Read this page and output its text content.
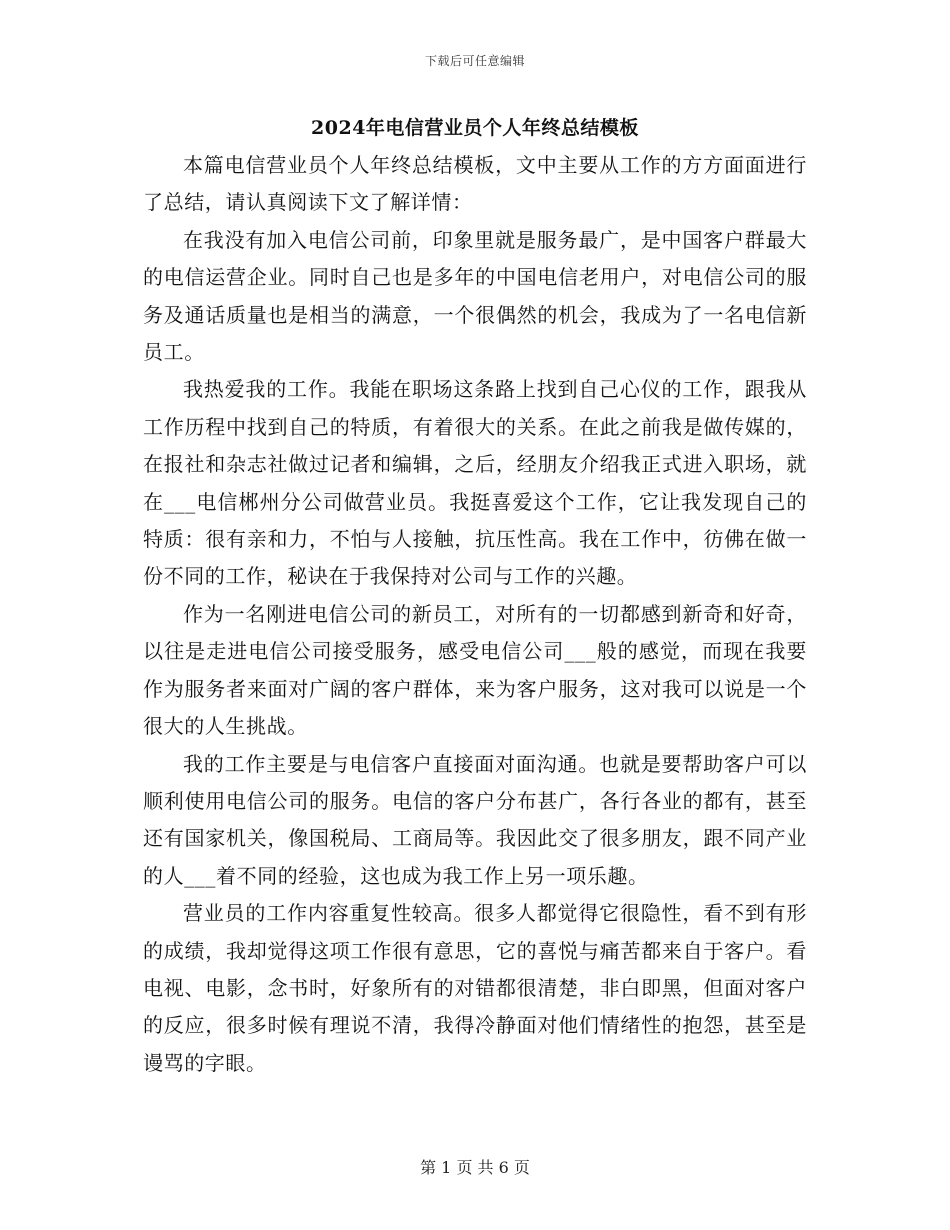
下载后可任意编辑
2024年电信营业员个人年终总结模板

本篇电信营业员个人年终总结模板，文中主要从工作的方方面面进行了总结，请认真阅读下文了解详情：

在我没有加入电信公司前，印象里就是服务最广，是中国客户群最大的电信运营企业。同时自己也是多年的中国电信老用户，对电信公司的服务及通话质量也是相当的满意，一个很偶然的机会，我成为了一名电信新员工。

我热爱我的工作。我能在职场这条路上找到自己心仪的工作，跟我从工作历程中找到自己的特质，有着很大的关系。在此之前我是做传媒的，在报社和杂志社做过记者和编辑，之后，经朋友介绍我正式进入职场，就在___电信郴州分公司做营业员。我挺喜爱这个工作，它让我发现自己的特质：很有亲和力，不怕与人接触，抗压性高。我在工作中，彷佛在做一份不同的工作，秘诀在于我保持对公司与工作的兴趣。

作为一名刚进电信公司的新员工，对所有的一切都感到新奇和好奇，以往是走进电信公司接受服务，感受电信公司___般的感觉，而现在我要作为服务者来面对广阔的客户群体，来为客户服务，这对我可以说是一个很大的人生挑战。

我的工作主要是与电信客户直接面对面沟通。也就是要帮助客户可以顺利使用电信公司的服务。电信的客户分布甚广，各行各业的都有，甚至还有国家机关，像国税局、工商局等。我因此交了很多朋友，跟不同产业的人___着不同的经验，这也成为我工作上另一项乐趣。

营业员的工作内容重复性较高。很多人都觉得它很隐性，看不到有形的成绩，我却觉得这项工作很有意思，它的喜悦与痛苦都来自于客户。看电视、电影，念书时，好象所有的对错都很清楚，非白即黑，但面对客户的反应，很多时候有理说不清，我得冷静面对他们情绪性的抱怨，甚至是谩骂的字眼。

第 1 页 共 6 页
